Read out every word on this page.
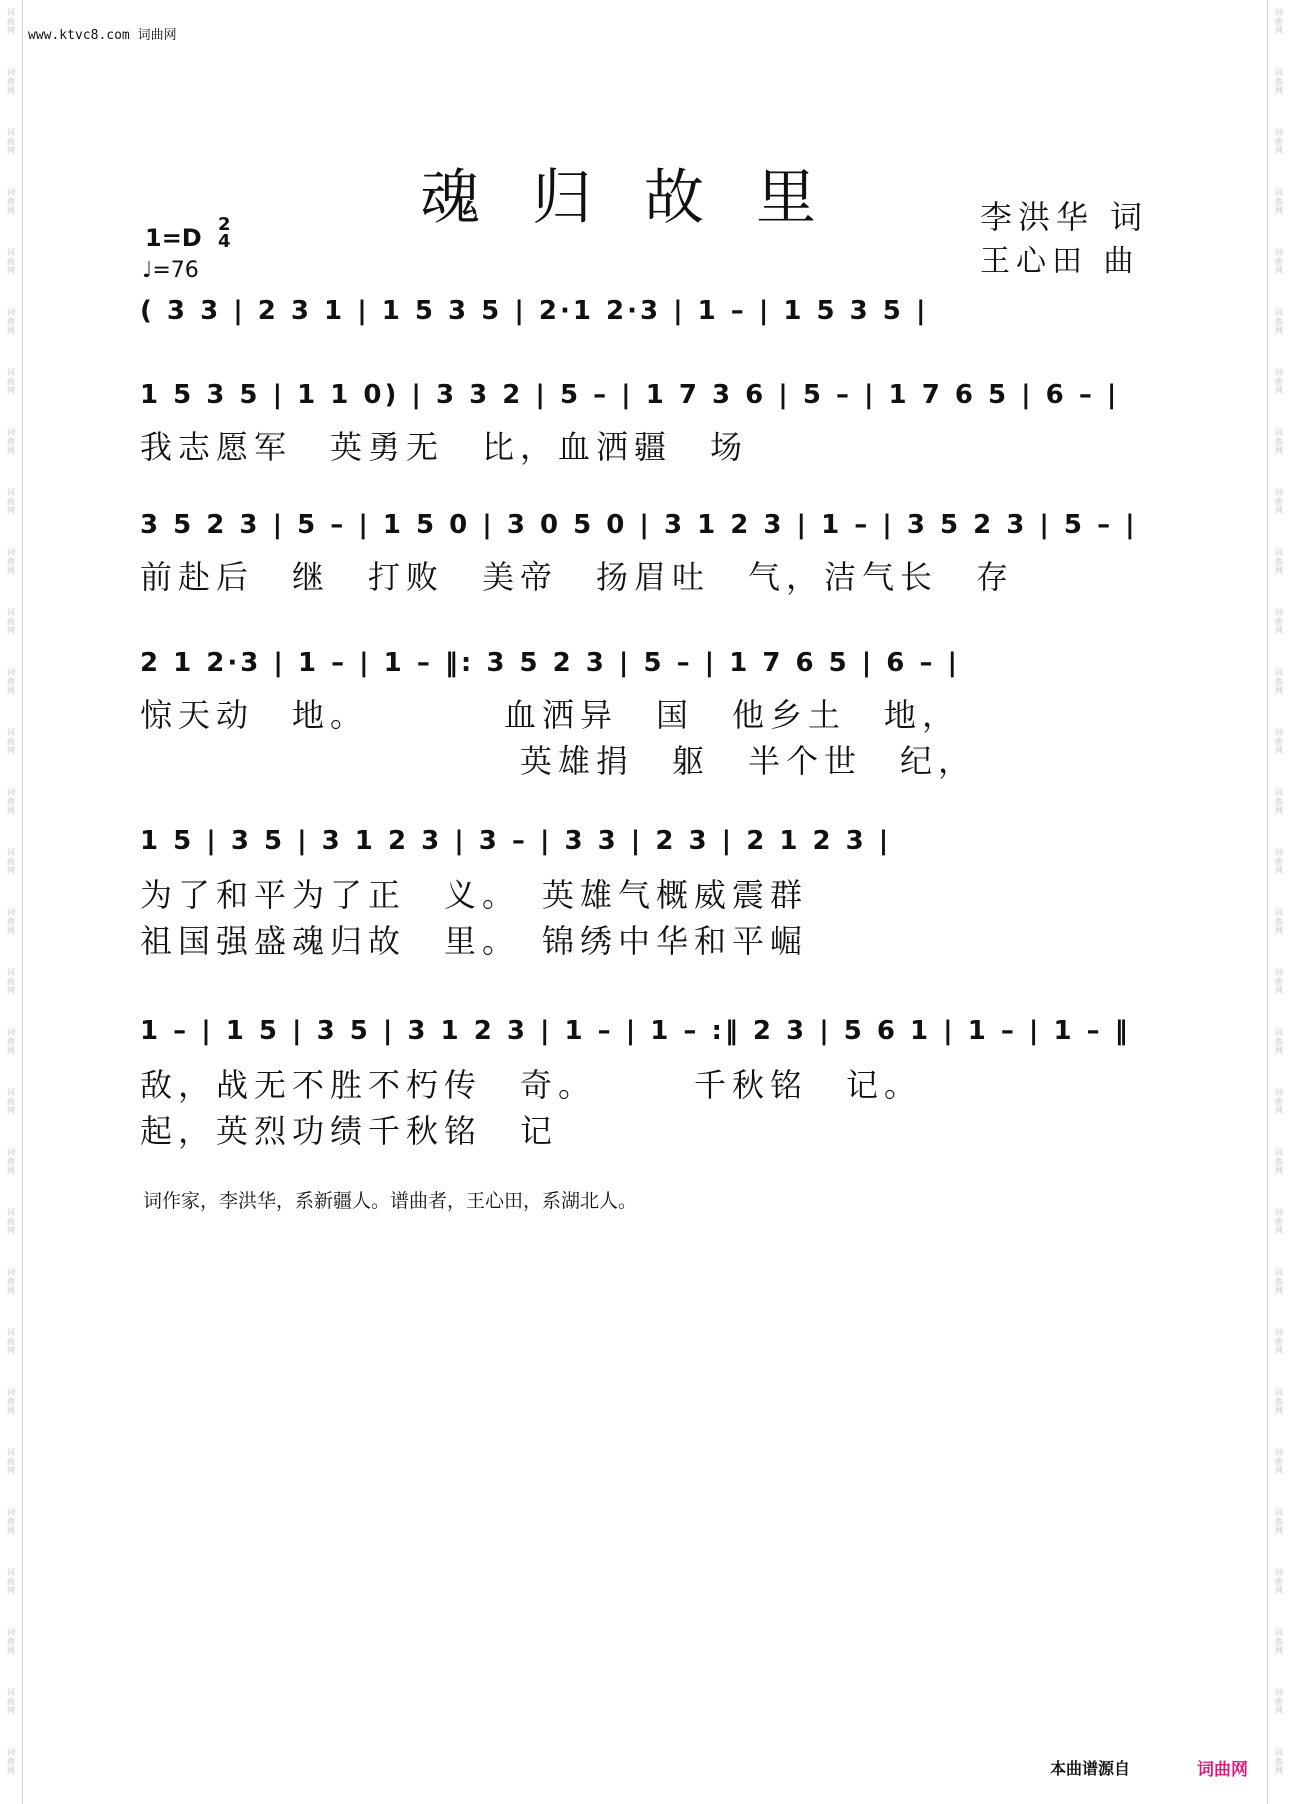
www.ktvc8.com 词曲网
魂归故里	李洪华 词
王心田 曲
1=D 2
4
♩=76
( 3 3 | 2 3 1 | 1 5 3 5 | 2·1 2·3 | 1 – | 1 5 3 5 |
1 5 3 5 | 1 1 0) | 3 3 2 | 5 – | 1 7 3 6 | 5 – | 1 7 6 5 | 6 – |
我志愿军　英勇无　比，血洒疆　场
3 5 2 3 | 5 – | 1 5 0 | 3 0 5 0 | 3 1 2 3 | 1 – | 3 5 2 3 | 5 – |
前赴后　继　打败　美帝　扬眉吐　气，洁气长　存
2 1 2·3 | 1 – | 1 – ‖: 3 5 2 3 | 5 – | 1 7 6 5 | 6 – |
惊天动　地。　　　　血洒异　国　他乡土　地，
　　　　　　　　　　英雄捐　躯　半个世　纪，
1 5 | 3 5 | 3 1 2 3 | 3 – | 3 3 | 2 3 | 2 1 2 3 |
为了和平为了正　义。　英雄气概威震群
祖国强盛魂归故　里。　锦绣中华和平崛
1 – | 1 5 | 3 5 | 3 1 2 3 | 1 – | 1 – :‖ 2 3 | 5 6 1 | 1 – | 1 – ‖
敌，战无不胜不朽传　奇。　　　千秋铭　记。
起，英烈功绩千秋铭　记
词作家，李洪华，系新疆人。谱曲者，王心田，系湖北人。
本曲谱源自	词曲网
词
曲
网
词
曲
网
词
曲
网
词
曲
网
词
曲
网
词
曲
网
词
曲
网
词
曲
网
词
曲
网
词
曲
网
词
曲
网
词
曲
网
词
曲
网
词
曲
网
词
曲
网
词
曲
网
词
曲
网
词
曲
网
词
曲
网
词
曲
网
词
曲
网
词
曲
网
词
曲
网
词
曲
网
词
曲
网
词
曲
网
词
曲
网
词
曲
网
词
曲
网
词
曲
网
词
曲
网
词
曲
网
词
曲
网
词
曲
网
词
曲
网
词
曲
网
词
曲
网
词
曲
网
词
曲
网
词
曲
网
词
曲
网
词
曲
网
词
曲
网
词
曲
网
词
曲
网
词
曲
网
词
曲
网
词
曲
网
词
曲
网
词
曲
网
词
曲
网
词
曲
网
词
曲
网
词
曲
网
词
曲
网
词
曲
网
词
曲
网
词
曲
网
词
曲
网
词
曲
网
